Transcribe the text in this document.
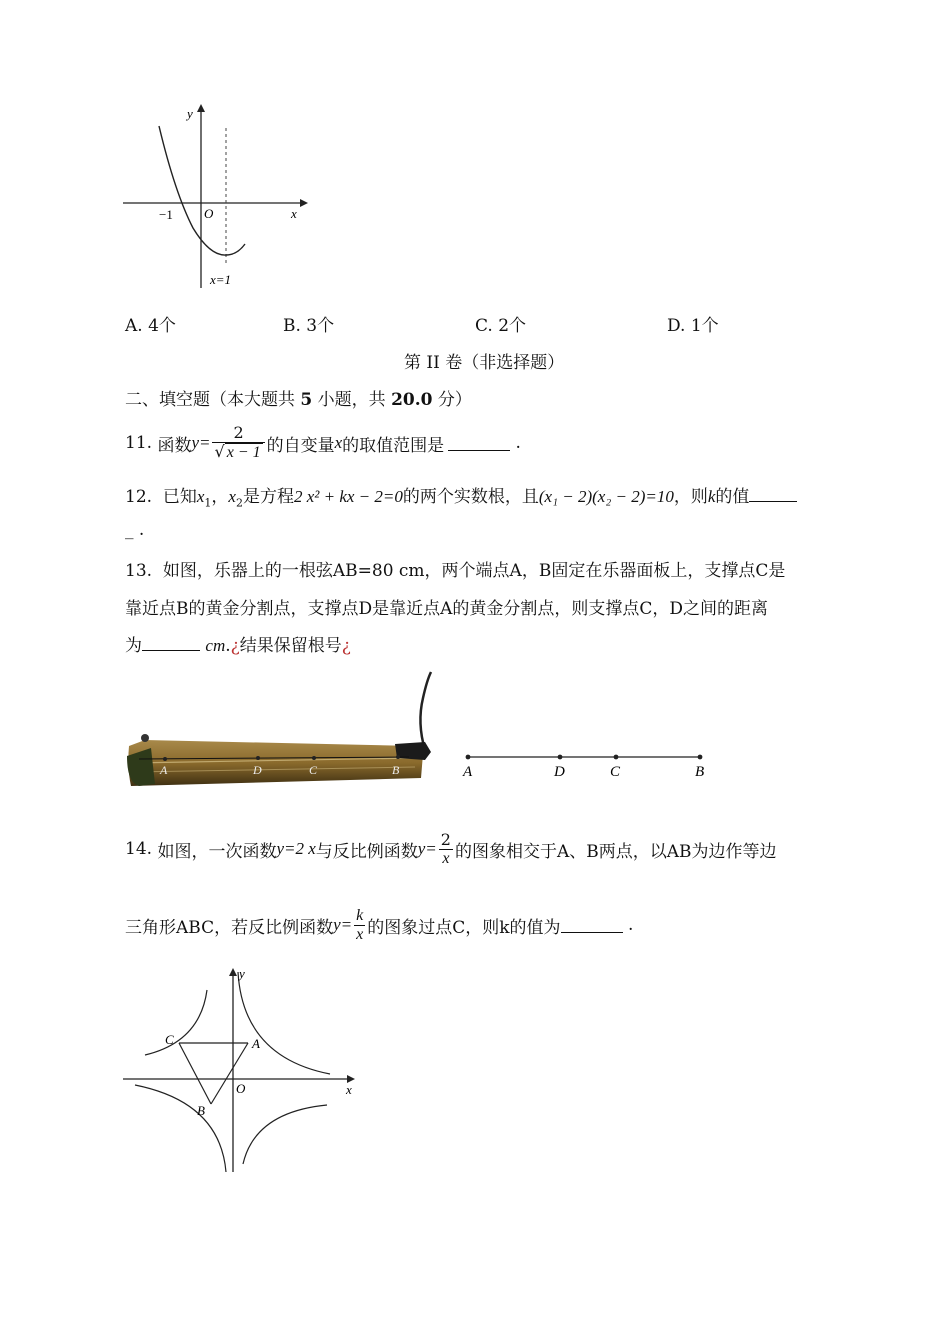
y
x
O
−1
x=1
A. 4个	B. 3个	C. 2个	D. 1个
第 II 卷（非选择题）
二、填空题（本大题共 5 小题，共 20.0 分）
11.
函数 $y= \frac{2}{√ x - 1}$ 的自变量 x 的取值范围是
	.
12. 已知$x_1$，$x_2$是方程2 x² + kx − 2=0的两个实数根，且(x₁ − 2)(x₂ − 2)=10，则k的值
_ .
13. 如图，乐器上的一根弦AB=80 cm，两个端点A，B固定在乐器面板上，支撑点C是
靠近点B的黄金分割点，支撑点D是靠近点A的黄金分割点，则支撑点C，D之间的距离
为	cm.¿结果保留根号¿
A	D	C	B	A	D	C	B
14.
如图，一次函数 y=2 x 与反比例函数 $y= \frac{2}{x}$ 的图象相交于A、B两点，以AB为边作等边
三角形ABC，若反比例函数 $y= \frac{k}{x}$ 的图象过点C，则k的值为
	.
y
x
O
A
B
C
